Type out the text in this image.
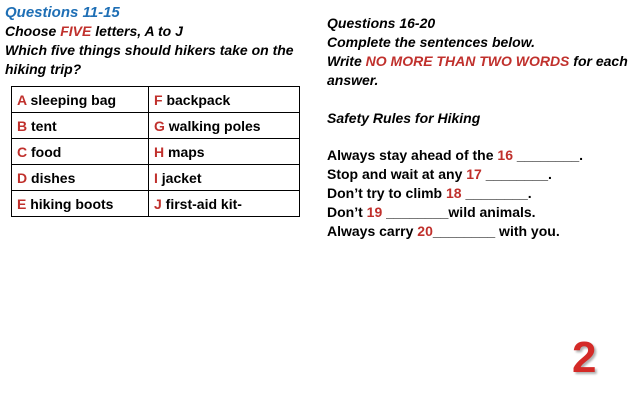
Questions 11-15
Choose FIVE letters, A to J
Which five things should hikers take on the hiking trip?
A sleeping bag	F backpack
B tent	G walking poles
C food	H maps
D dishes	I jacket
E hiking boots	J first-aid kit-
Questions 16-20
Complete the sentences below.
Write NO MORE THAN TWO WORDS for each answer.
Safety Rules for Hiking
Always stay ahead of the 16 ________.
Stop and wait at any 17 ________.
Don’t try to climb 18 ________.
Don’t 19 ________wild animals.
Always carry 20________ with you.
2
